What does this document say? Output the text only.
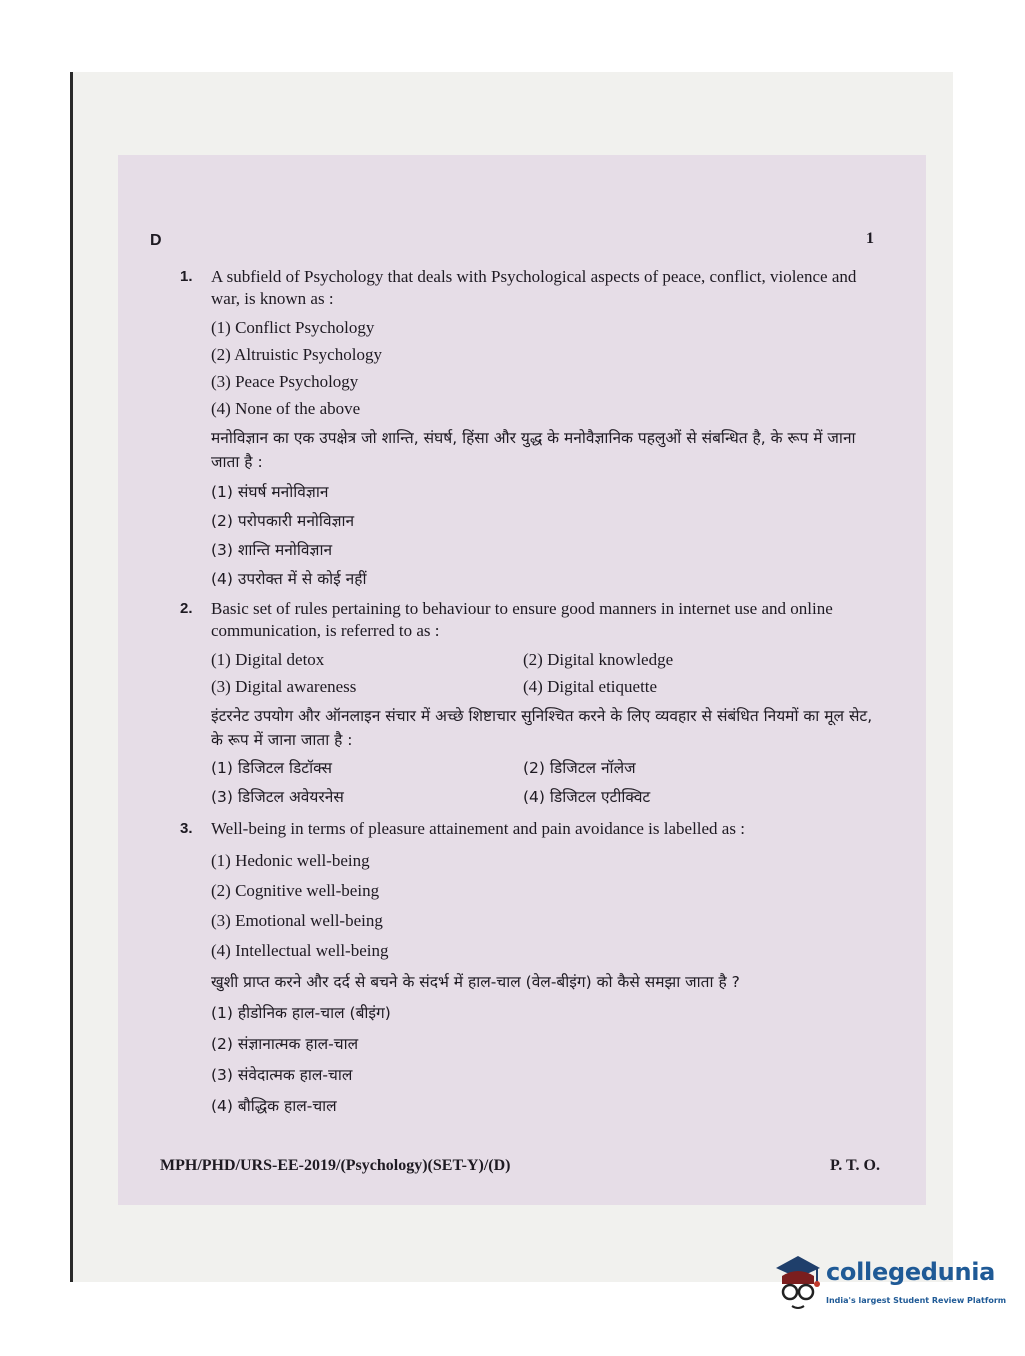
D	1
1. A subfield of Psychology that deals with Psychological aspects of peace, conflict, violence and war, is known as :
(1) Conflict Psychology
(2) Altruistic Psychology
(3) Peace Psychology
(4) None of the above
मनोविज्ञान का एक उपक्षेत्र जो शान्ति, संघर्ष, हिंसा और युद्ध के मनोवैज्ञानिक पहलुओं से संबन्धित है, के रूप में जाना जाता है :
(1) संघर्ष मनोविज्ञान
(2) परोपकारी मनोविज्ञान
(3) शान्ति मनोविज्ञान
(4) उपरोक्त में से कोई नहीं
2. Basic set of rules pertaining to behaviour to ensure good manners in internet use and online communication, is referred to as :
(1) Digital detox	(2) Digital knowledge
(3) Digital awareness	(4) Digital etiquette
इंटरनेट उपयोग और ऑनलाइन संचार में अच्छे शिष्टाचार सुनिश्चित करने के लिए व्यवहार से संबंधित नियमों का मूल सेट, के रूप में जाना जाता है :
(1) डिजिटल डिटॉक्स	(2) डिजिटल नॉलेज
(3) डिजिटल अवेयरनेस	(4) डिजिटल एटीक्विट
3. Well-being in terms of pleasure attainement and pain avoidance is labelled as :
(1) Hedonic well-being
(2) Cognitive well-being
(3) Emotional well-being
(4) Intellectual well-being
खुशी प्राप्त करने और दर्द से बचने के संदर्भ में हाल-चाल (वेल-बीइंग) को कैसे समझा जाता है ?
(1) हीडोनिक हाल-चाल (बीइंग)
(2) संज्ञानात्मक हाल-चाल
(3) संवेदात्मक हाल-चाल
(4) बौद्धिक हाल-चाल
MPH/PHD/URS-EE-2019/(Psychology)(SET-Y)/(D)	P. T. O.
collegedunia
India's largest Student Review Platform
